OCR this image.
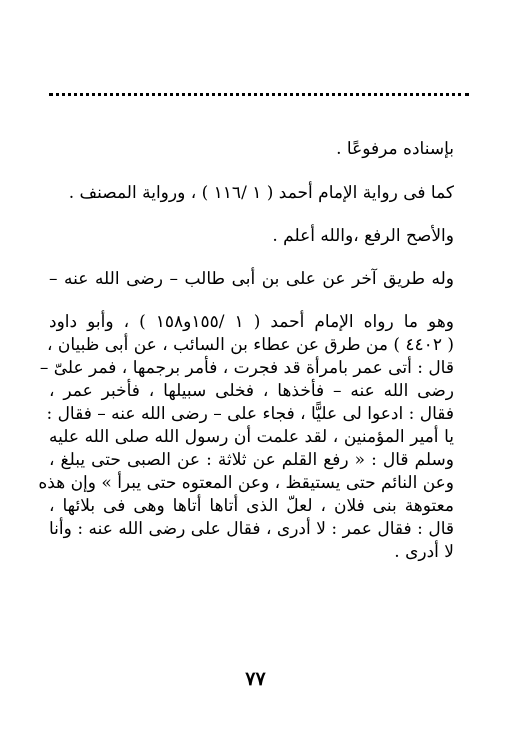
بإسناده مرفوعًا .
كما فى رواية الإمام أحمد ( ١ /١١٦ ) ، ورواية المصنف .
والأصح الرفع ،والله أعلم .
وله طريق آخر عن على بن أبى طالب – رضى الله عنه –
وهو ما رواه الإمام أحمد ( ١ /١٥٥و١٥٨ ) ، وأبو داود
( ٤٤٠٢ ) من طرق عن عطاء بن السائب ، عن أبى ظبيان ،
قال : أتى عمر بامرأة قد فجرت ، فأمر برجمها ، فمر علىّ –
رضى الله عنه – فأخذها ، فخلى سبيلها ، فأخبر عمر ،
فقال : ادعوا لى عليًّا ، فجاء على – رضى الله عنه – فقال :
يا أمير المؤمنين ، لقد علمت أن رسول الله صلى الله عليه
وسلم قال : « رفع القلم عن ثلاثة : عن الصبى حتى يبلغ ،
وعن النائم حتى يستيقظ ، وعن المعتوه حتى يبرأ » وإن هذه
معتوهة بنى فلان ، لعلّ الذى أتاها أتاها وهى فى بلائها ،
قال : فقال عمر : لا أدرى ، فقال على رضى الله عنه : وأنا
لا أدرى .
٧٧
